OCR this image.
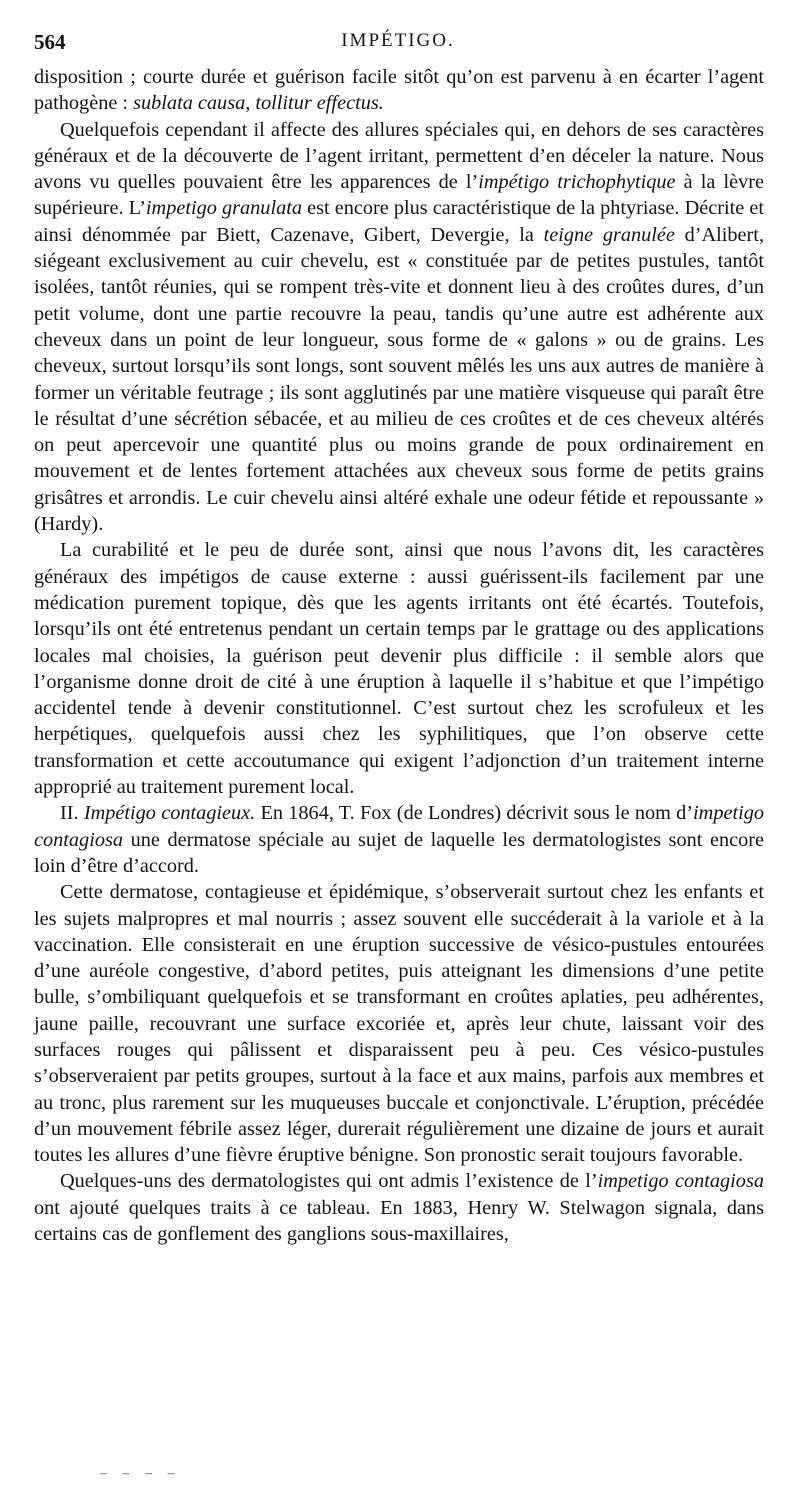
564	IMPÉTIGO.

disposition ; courte durée et guérison facile sitôt qu’on est parvenu à en écarter l’agent pathogène : sublata causa, tollitur effectus.

Quelquefois cependant il affecte des allures spéciales qui, en dehors de ses caractères généraux et de la découverte de l’agent irritant, permettent d’en déceler la nature. Nous avons vu quelles pouvaient être les apparences de l’impétigo trichophytique à la lèvre supérieure. L’impetigo granulata est encore plus caractéristique de la phtyriase. Décrite et ainsi dénommée par Biett, Cazenave, Gibert, Devergie, la teigne granulée d’Alibert, siégeant exclusivement au cuir chevelu, est « constituée par de petites pustules, tantôt isolées, tantôt réunies, qui se rompent très-vite et donnent lieu à des croûtes dures, d’un petit volume, dont une partie recouvre la peau, tandis qu’une autre est adhérente aux cheveux dans un point de leur longueur, sous forme de « galons » ou de grains. Les cheveux, surtout lorsqu’ils sont longs, sont souvent mêlés les uns aux autres de manière à former un véritable feutrage ; ils sont agglutinés par une matière visqueuse qui paraît être le résultat d’une sécrétion sébacée, et au milieu de ces croûtes et de ces cheveux altérés on peut apercevoir une quantité plus ou moins grande de poux ordinairement en mouvement et de lentes fortement attachées aux cheveux sous forme de petits grains grisâtres et arrondis. Le cuir chevelu ainsi altéré exhale une odeur fétide et repoussante » (Hardy).

La curabilité et le peu de durée sont, ainsi que nous l’avons dit, les caractères généraux des impétigos de cause externe : aussi guérissent-ils facilement par une médication purement topique, dès que les agents irritants ont été écartés. Toutefois, lorsqu’ils ont été entretenus pendant un certain temps par le grattage ou des applications locales mal choisies, la guérison peut devenir plus difficile : il semble alors que l’organisme donne droit de cité à une éruption à laquelle il s’habitue et que l’impétigo accidentel tende à devenir constitutionnel. C’est surtout chez les scrofuleux et les herpétiques, quelquefois aussi chez les syphilitiques, que l’on observe cette transformation et cette accoutumance qui exigent l’adjonction d’un traitement interne approprié au traitement purement local.

II. Impétigo contagieux. En 1864, T. Fox (de Londres) décrivit sous le nom d’impetigo contagiosa une dermatose spéciale au sujet de laquelle les dermatologistes sont encore loin d’être d’accord.

Cette dermatose, contagieuse et épidémique, s’observerait surtout chez les enfants et les sujets malpropres et mal nourris ; assez souvent elle succéderait à la variole et à la vaccination. Elle consisterait en une éruption successive de vésico-pustules entourées d’une auréole congestive, d’abord petites, puis atteignant les dimensions d’une petite bulle, s’ombiliquant quelquefois et se transformant en croûtes aplaties, peu adhérentes, jaune paille, recouvrant une surface excoriée et, après leur chute, laissant voir des surfaces rouges qui pâlissent et disparaissent peu à peu. Ces vésico-pustules s’observeraient par petits groupes, surtout à la face et aux mains, parfois aux membres et au tronc, plus rarement sur les muqueuses buccale et conjonctivale. L’éruption, précédée d’un mouvement fébrile assez léger, durerait régulièrement une dizaine de jours et aurait toutes les allures d’une fièvre éruptive bénigne. Son pronostic serait toujours favorable.

Quelques-uns des dermatologistes qui ont admis l’existence de l’impetigo contagiosa ont ajouté quelques traits à ce tableau. En 1883, Henry W. Stelwagon signala, dans certains cas de gonflement des ganglions sous-maxillaires,

– – – –
